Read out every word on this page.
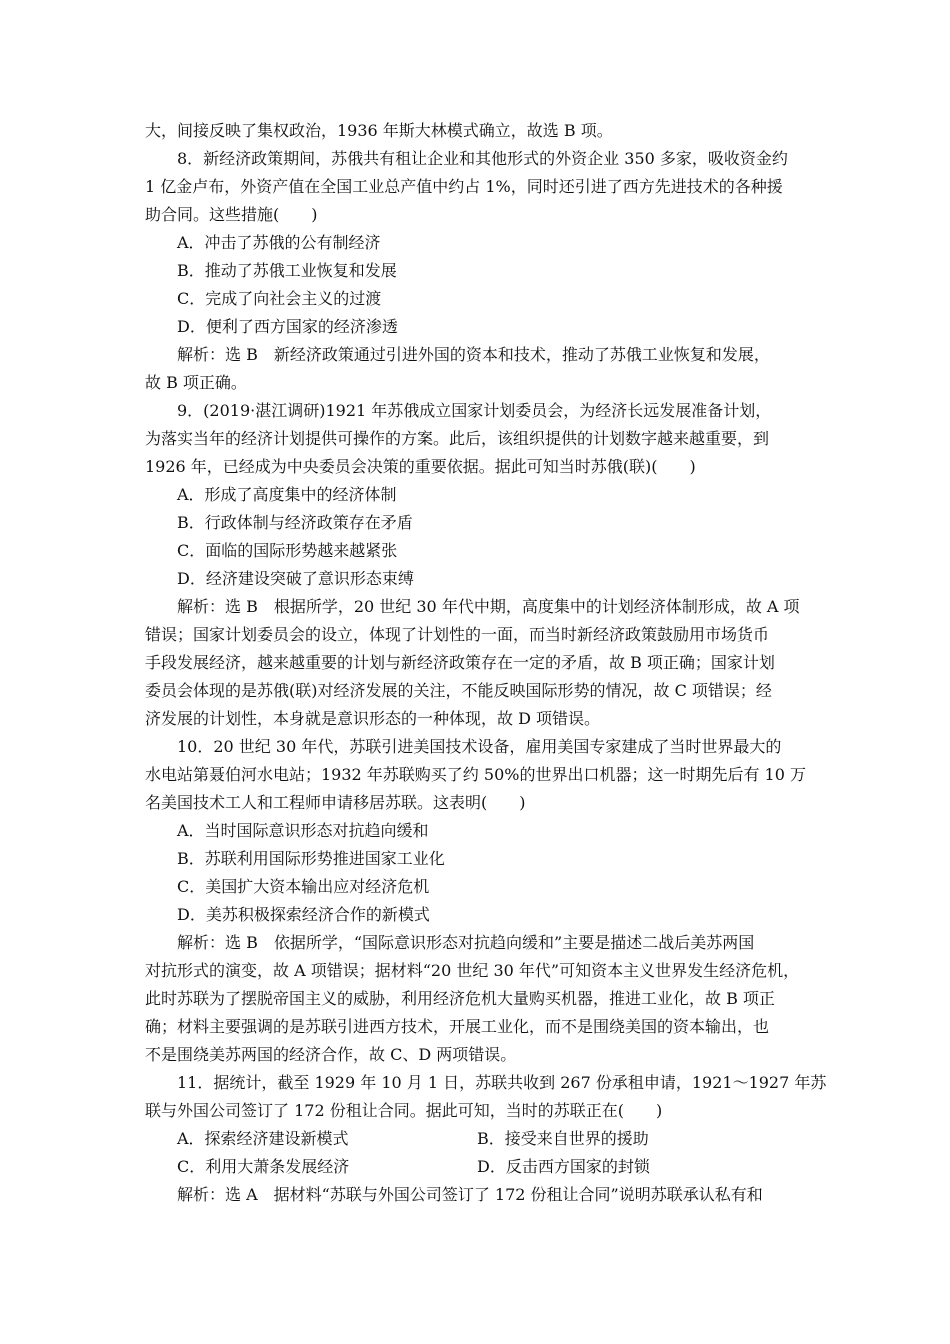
大，间接反映了集权政治，1936 年斯大林模式确立，故选 B 项。

8．新经济政策期间，苏俄共有租让企业和其他形式的外资企业 350 多家，吸收资金约

1 亿金卢布，外资产值在全国工业总产值中约占 1%，同时还引进了西方先进技术的各种援

助合同。这些措施(　　)

A．冲击了苏俄的公有制经济

B．推动了苏俄工业恢复和发展

C．完成了向社会主义的过渡

D．便利了西方国家的经济渗透

解析：选 B　新经济政策通过引进外国的资本和技术，推动了苏俄工业恢复和发展，

故 B 项正确。

9．(2019·湛江调研)1921 年苏俄成立国家计划委员会，为经济长远发展准备计划，

为落实当年的经济计划提供可操作的方案。此后，该组织提供的计划数字越来越重要，到

1926 年，已经成为中央委员会决策的重要依据。据此可知当时苏俄(联)(　　)

A．形成了高度集中的经济体制

B．行政体制与经济政策存在矛盾

C．面临的国际形势越来越紧张

D．经济建设突破了意识形态束缚

解析：选 B　根据所学，20 世纪 30 年代中期，高度集中的计划经济体制形成，故 A 项

错误；国家计划委员会的设立，体现了计划性的一面，而当时新经济政策鼓励用市场货币

手段发展经济，越来越重要的计划与新经济政策存在一定的矛盾，故 B 项正确；国家计划

委员会体现的是苏俄(联)对经济发展的关注，不能反映国际形势的情况，故 C 项错误；经

济发展的计划性，本身就是意识形态的一种体现，故 D 项错误。

10．20 世纪 30 年代，苏联引进美国技术设备，雇用美国专家建成了当时世界最大的

水电站第聂伯河水电站；1932 年苏联购买了约 50%的世界出口机器；这一时期先后有 10 万

名美国技术工人和工程师申请移居苏联。这表明(　　)

A．当时国际意识形态对抗趋向缓和

B．苏联利用国际形势推进国家工业化

C．美国扩大资本输出应对经济危机

D．美苏积极探索经济合作的新模式

解析：选 B　依据所学，“国际意识形态对抗趋向缓和”主要是描述二战后美苏两国

对抗形式的演变，故 A 项错误；据材料“20 世纪 30 年代”可知资本主义世界发生经济危机，

此时苏联为了摆脱帝国主义的威胁，利用经济危机大量购买机器，推进工业化，故 B 项正

确；材料主要强调的是苏联引进西方技术，开展工业化，而不是围绕美国的资本输出，也

不是围绕美苏两国的经济合作，故 C、D 两项错误。

11．据统计，截至 1929 年 10 月 1 日，苏联共收到 267 份承租申请，1921～1927 年苏

联与外国公司签订了 172 份租让合同。据此可知，当时的苏联正在(　　)

A．探索经济建设新模式	B．接受来自世界的援助

C．利用大萧条发展经济	D．反击西方国家的封锁

解析：选 A　据材料“苏联与外国公司签订了 172 份租让合同”说明苏联承认私有和
